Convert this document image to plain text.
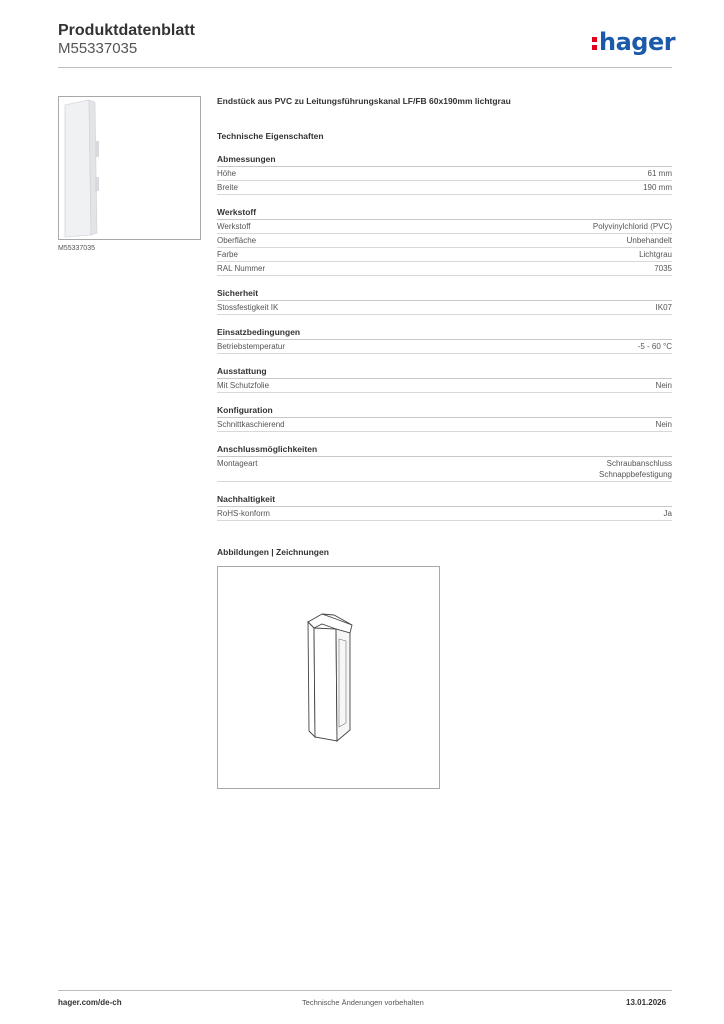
Produktdatenblatt
M55337035	hager
M55337035
Endstück aus PVC zu Leitungsführungskanal LF/FB 60x190mm lichtgrau
Technische Eigenschaften
Abmessungen
Höhe	61 mm
Breite	190 mm
Werkstoff
Werkstoff	Polyvinylchlorid (PVC)
Oberfläche	Unbehandelt
Farbe	Lichtgrau
RAL Nummer	7035
Sicherheit
Stossfestigkeit IK	IK07
Einsatzbedingungen
Betriebstemperatur	-5 - 60 °C
Ausstattung
Mit Schutzfolie	Nein
Konfiguration
Schnittkaschierend	Nein
Anschlussmöglichkeiten
Montageart	Schraubanschluss
Schnappbefestigung
Nachhaltigkeit
RoHS-konform	Ja
Abbildungen | Zeichnungen
hager.com/de-ch	Technische Änderungen vorbehalten	13.01.2026
